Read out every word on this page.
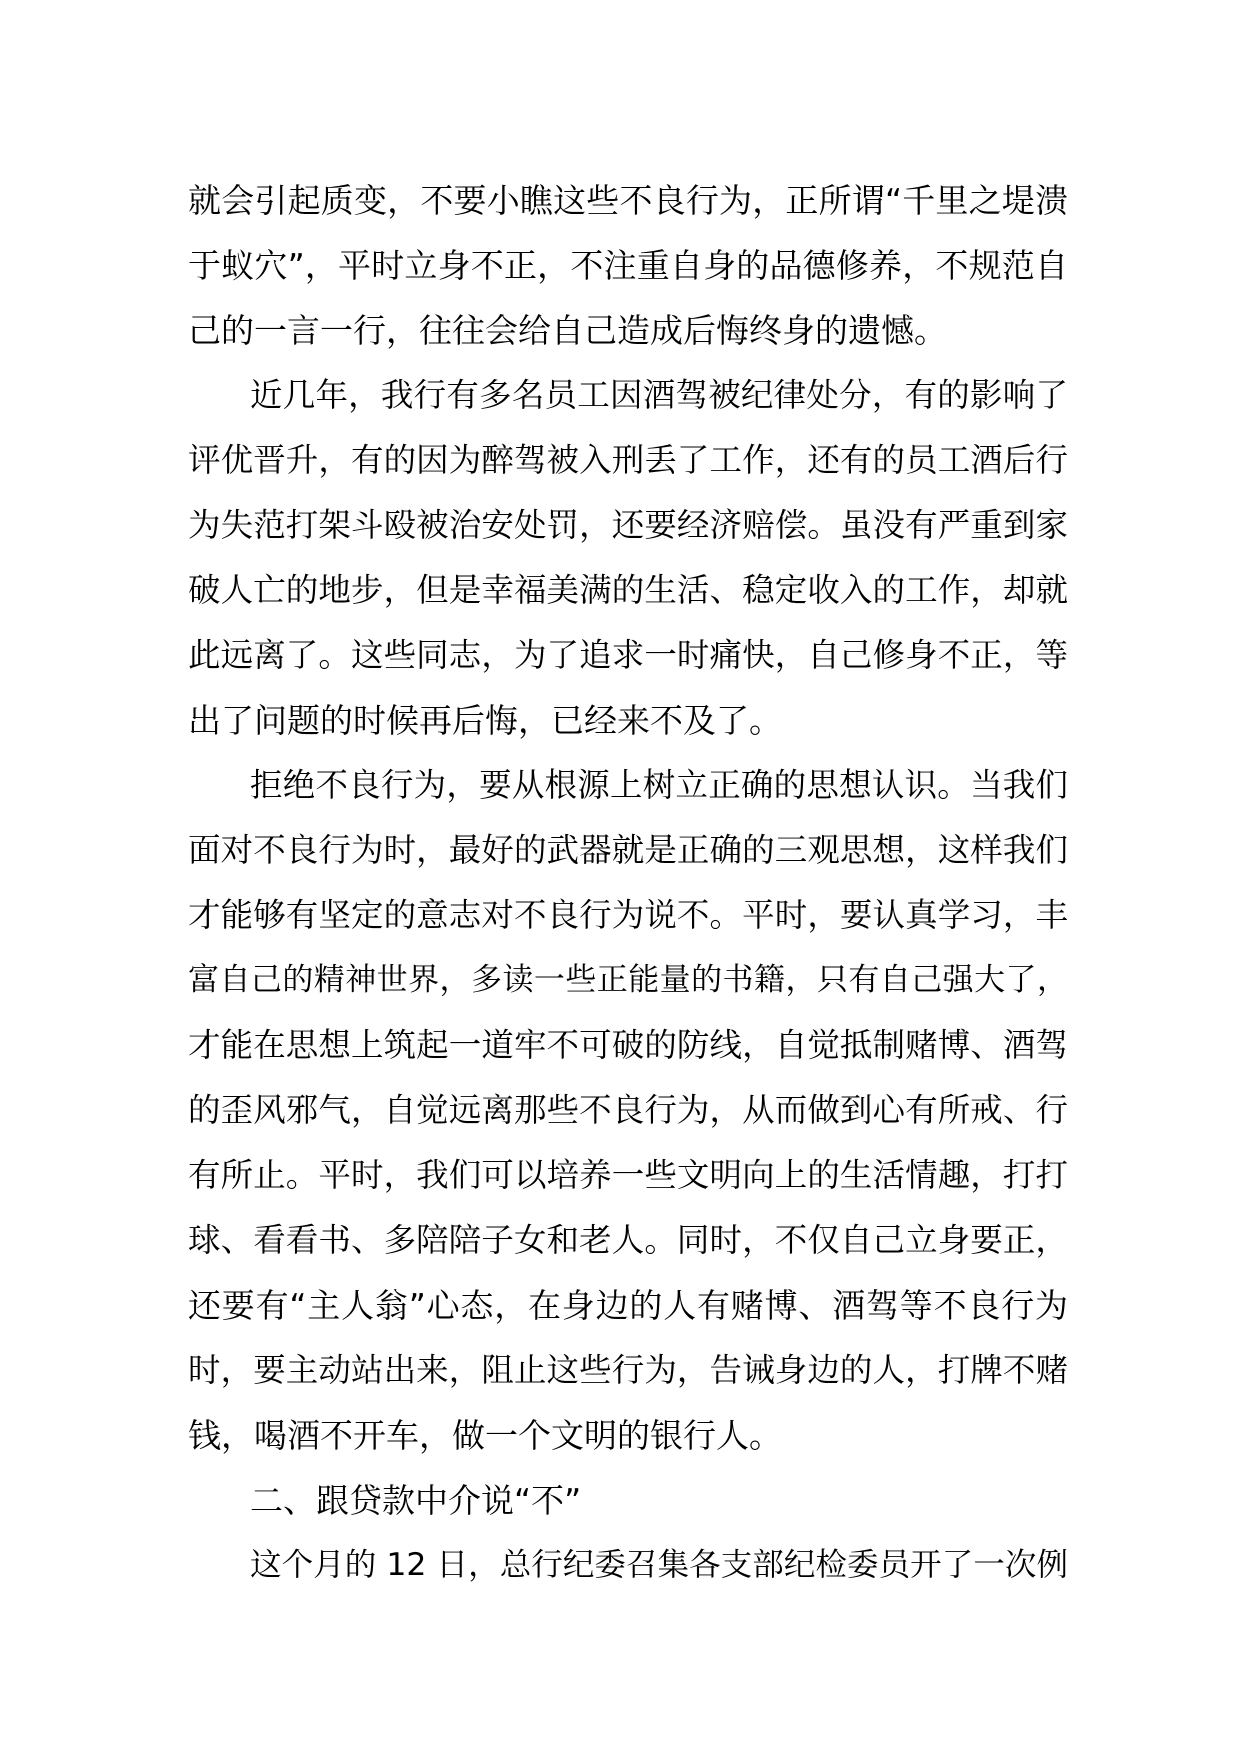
就会引起质变，不要小瞧这些不良行为，正所谓“千里之堤溃
于蚁穴”，平时立身不正，不注重自身的品德修养，不规范自
己的一言一行，往往会给自己造成后悔终身的遗憾。
近几年，我行有多名员工因酒驾被纪律处分，有的影响了
评优晋升，有的因为醉驾被入刑丢了工作，还有的员工酒后行
为失范打架斗殴被治安处罚，还要经济赔偿。虽没有严重到家
破人亡的地步，但是幸福美满的生活、稳定收入的工作，却就
此远离了。这些同志，为了追求一时痛快，自己修身不正，等
出了问题的时候再后悔，已经来不及了。
拒绝不良行为，要从根源上树立正确的思想认识。当我们
面对不良行为时，最好的武器就是正确的三观思想，这样我们
才能够有坚定的意志对不良行为说不。平时，要认真学习，丰
富自己的精神世界，多读一些正能量的书籍，只有自己强大了，
才能在思想上筑起一道牢不可破的防线，自觉抵制赌博、酒驾
的歪风邪气，自觉远离那些不良行为，从而做到心有所戒、行
有所止。平时，我们可以培养一些文明向上的生活情趣，打打
球、看看书、多陪陪子女和老人。同时，不仅自己立身要正，
还要有“主人翁”心态，在身边的人有赌博、酒驾等不良行为
时，要主动站出来，阻止这些行为，告诫身边的人，打牌不赌
钱，喝酒不开车，做一个文明的银行人。
二、跟贷款中介说“不”
这个月的 12 日，总行纪委召集各支部纪检委员开了一次例
